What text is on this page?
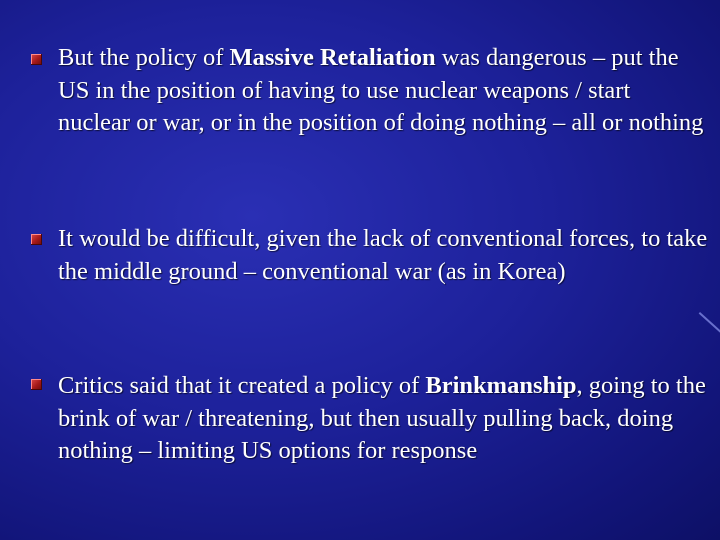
But the policy of Massive Retaliation was dangerous – put the US in the position of having to use nuclear weapons / start nuclear or war, or in the position of doing nothing – all or nothing

It would be difficult, given the lack of conventional forces, to take the middle ground – conventional war (as in Korea)

Critics said that it created a policy of Brinkmanship, going to the brink of war / threatening, but then usually pulling back, doing nothing – limiting US options for response
